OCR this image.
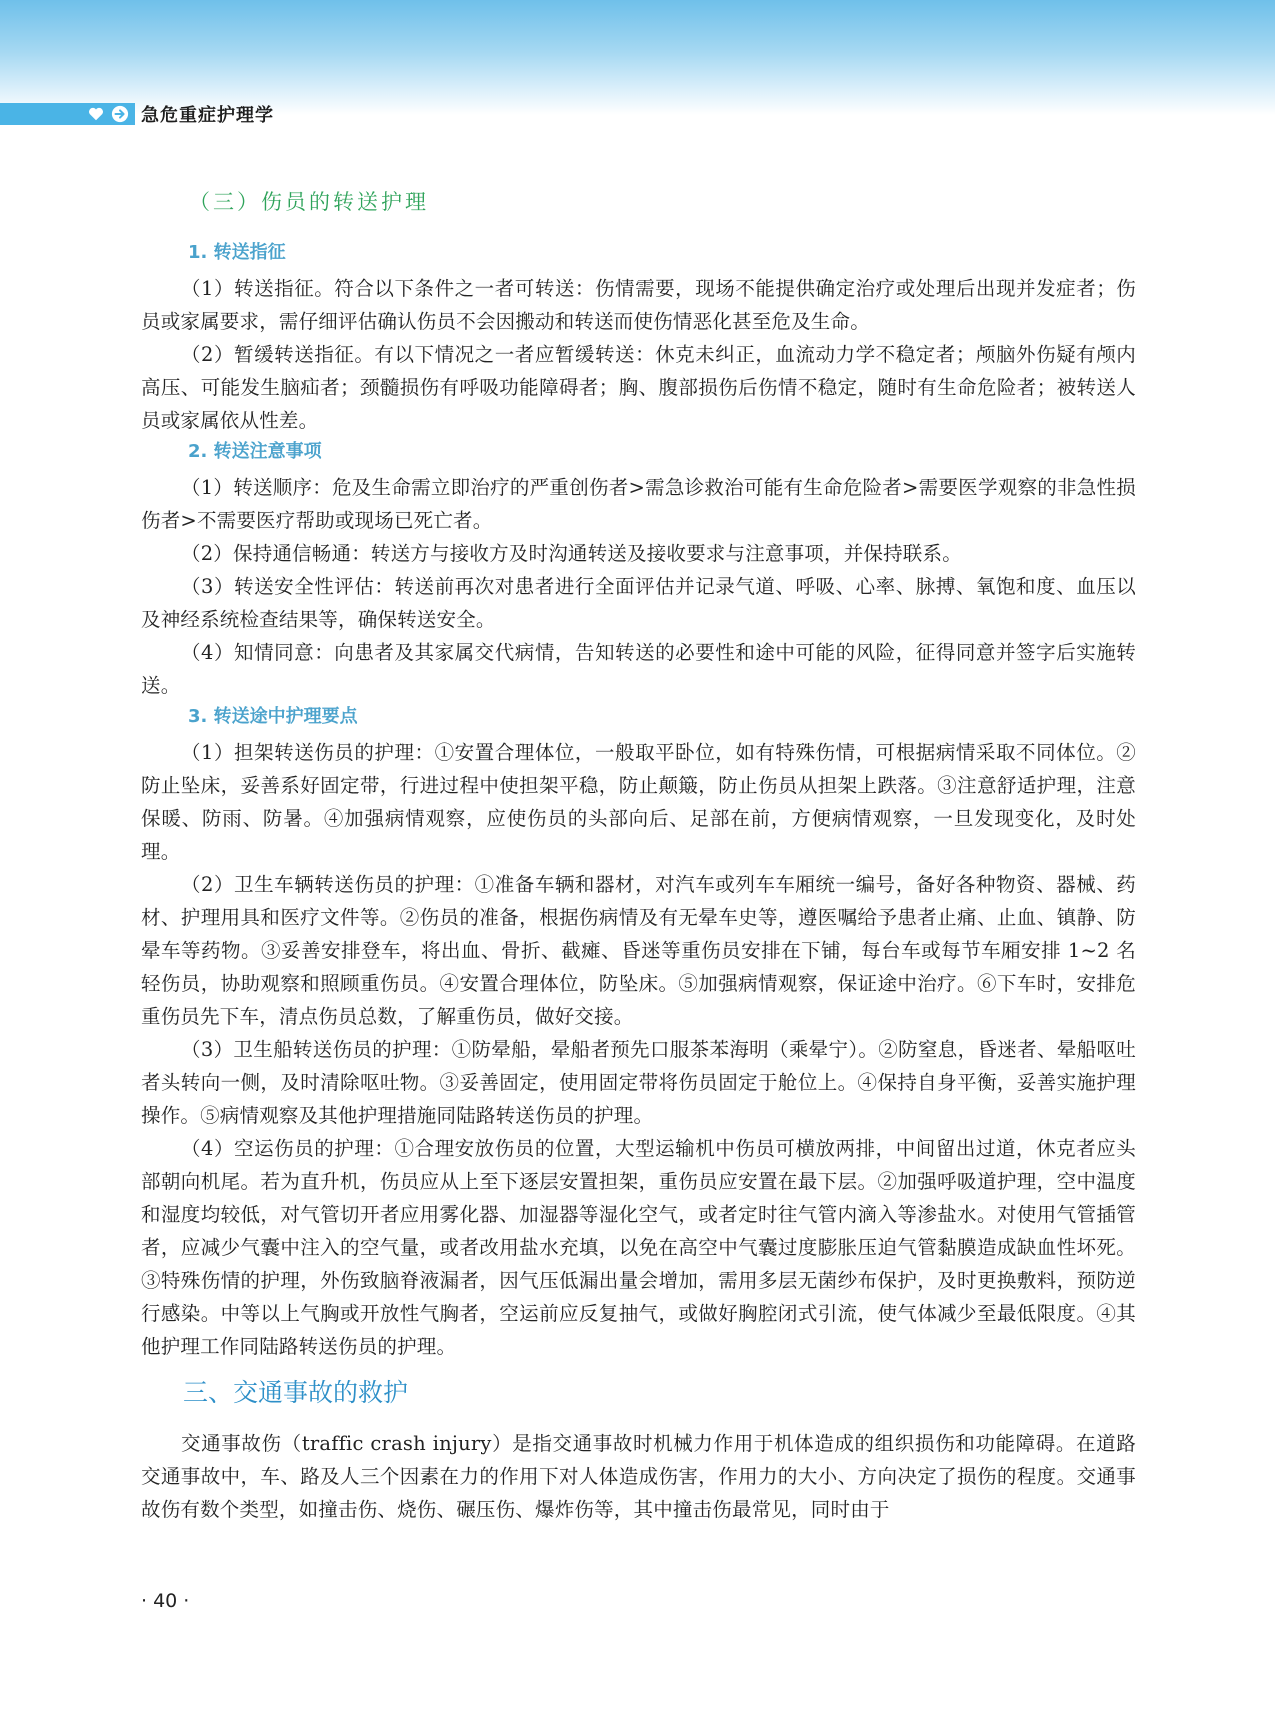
急危重症护理学
（三）伤员的转送护理
1. 转送指征

（1）转送指征。符合以下条件之一者可转送：伤情需要，现场不能提供确定治疗或处理后出现并发症者；伤员或家属要求，需仔细评估确认伤员不会因搬动和转送而使伤情恶化甚至危及生命。

（2）暂缓转送指征。有以下情况之一者应暂缓转送：休克未纠正，血流动力学不稳定者；颅脑外伤疑有颅内高压、可能发生脑疝者；颈髓损伤有呼吸功能障碍者；胸、腹部损伤后伤情不稳定，随时有生命危险者；被转送人员或家属依从性差。

2. 转送注意事项

（1）转送顺序：危及生命需立即治疗的严重创伤者>需急诊救治可能有生命危险者>需要医学观察的非急性损伤者>不需要医疗帮助或现场已死亡者。

（2）保持通信畅通：转送方与接收方及时沟通转送及接收要求与注意事项，并保持联系。

（3）转送安全性评估：转送前再次对患者进行全面评估并记录气道、呼吸、心率、脉搏、氧饱和度、血压以及神经系统检查结果等，确保转送安全。

（4）知情同意：向患者及其家属交代病情，告知转送的必要性和途中可能的风险，征得同意并签字后实施转送。

3. 转送途中护理要点

（1）担架转送伤员的护理：①安置合理体位，一般取平卧位，如有特殊伤情，可根据病情采取不同体位。②防止坠床，妥善系好固定带，行进过程中使担架平稳，防止颠簸，防止伤员从担架上跌落。③注意舒适护理，注意保暖、防雨、防暑。④加强病情观察，应使伤员的头部向后、足部在前，方便病情观察，一旦发现变化，及时处理。

（2）卫生车辆转送伤员的护理：①准备车辆和器材，对汽车或列车车厢统一编号，备好各种物资、器械、药材、护理用具和医疗文件等。②伤员的准备，根据伤病情及有无晕车史等，遵医嘱给予患者止痛、止血、镇静、防晕车等药物。③妥善安排登车，将出血、骨折、截瘫、昏迷等重伤员安排在下铺，每台车或每节车厢安排 1~2 名轻伤员，协助观察和照顾重伤员。④安置合理体位，防坠床。⑤加强病情观察，保证途中治疗。⑥下车时，安排危重伤员先下车，清点伤员总数，了解重伤员，做好交接。

（3）卫生船转送伤员的护理：①防晕船，晕船者预先口服茶苯海明（乘晕宁）。②防窒息，昏迷者、晕船呕吐者头转向一侧，及时清除呕吐物。③妥善固定，使用固定带将伤员固定于舱位上。④保持自身平衡，妥善实施护理操作。⑤病情观察及其他护理措施同陆路转送伤员的护理。

（4）空运伤员的护理：①合理安放伤员的位置，大型运输机中伤员可横放两排，中间留出过道，休克者应头部朝向机尾。若为直升机，伤员应从上至下逐层安置担架，重伤员应安置在最下层。②加强呼吸道护理，空中温度和湿度均较低，对气管切开者应用雾化器、加湿器等湿化空气，或者定时往气管内滴入等渗盐水。对使用气管插管者，应减少气囊中注入的空气量，或者改用盐水充填，以免在高空中气囊过度膨胀压迫气管黏膜造成缺血性坏死。③特殊伤情的护理，外伤致脑脊液漏者，因气压低漏出量会增加，需用多层无菌纱布保护，及时更换敷料，预防逆行感染。中等以上气胸或开放性气胸者，空运前应反复抽气，或做好胸腔闭式引流，使气体减少至最低限度。④其他护理工作同陆路转送伤员的护理。

三、交通事故的救护

交通事故伤（traffic crash injury）是指交通事故时机械力作用于机体造成的组织损伤和功能障碍。在道路交通事故中，车、路及人三个因素在力的作用下对人体造成伤害，作用力的大小、方向决定了损伤的程度。交通事故伤有数个类型，如撞击伤、烧伤、碾压伤、爆炸伤等，其中撞击伤最常见，同时由于

· 40 ·
